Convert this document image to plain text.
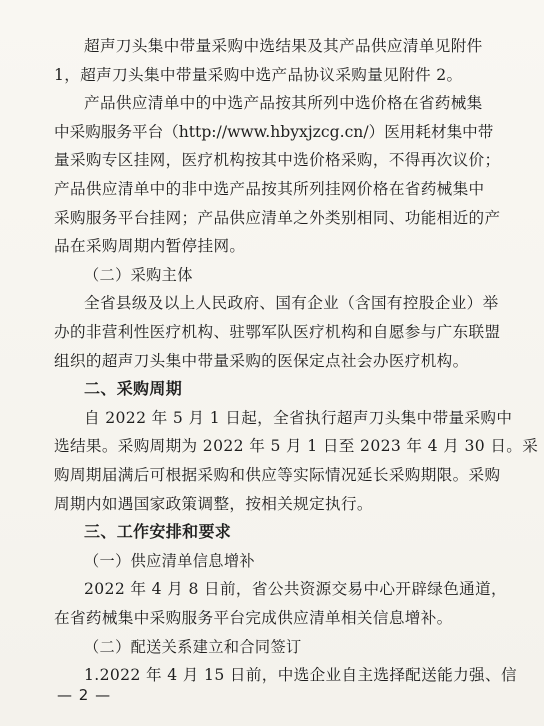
超声刀头集中带量采购中选结果及其产品供应清单见附件
1，超声刀头集中带量采购中选产品协议采购量见附件 2。
产品供应清单中的中选产品按其所列中选价格在省药械集
中采购服务平台（http://www.hbyxjzcg.cn/）医用耗材集中带
量采购专区挂网，医疗机构按其中选价格采购，不得再次议价；
产品供应清单中的非中选产品按其所列挂网价格在省药械集中
采购服务平台挂网；产品供应清单之外类别相同、功能相近的产
品在采购周期内暂停挂网。
（二）采购主体
全省县级及以上人民政府、国有企业（含国有控股企业）举
办的非营利性医疗机构、驻鄂军队医疗机构和自愿参与广东联盟
组织的超声刀头集中带量采购的医保定点社会办医疗机构。
二、采购周期
自 2022 年 5 月 1 日起，全省执行超声刀头集中带量采购中
选结果。采购周期为 2022 年 5 月 1 日至 2023 年 4 月 30 日。采
购周期届满后可根据采购和供应等实际情况延长采购期限。采购
周期内如遇国家政策调整，按相关规定执行。
三、工作安排和要求
（一）供应清单信息增补
2022 年 4 月 8 日前，省公共资源交易中心开辟绿色通道，
在省药械集中采购服务平台完成供应清单相关信息增补。
（二）配送关系建立和合同签订
1.2022 年 4 月 15 日前，中选企业自主选择配送能力强、信
— 2 —
